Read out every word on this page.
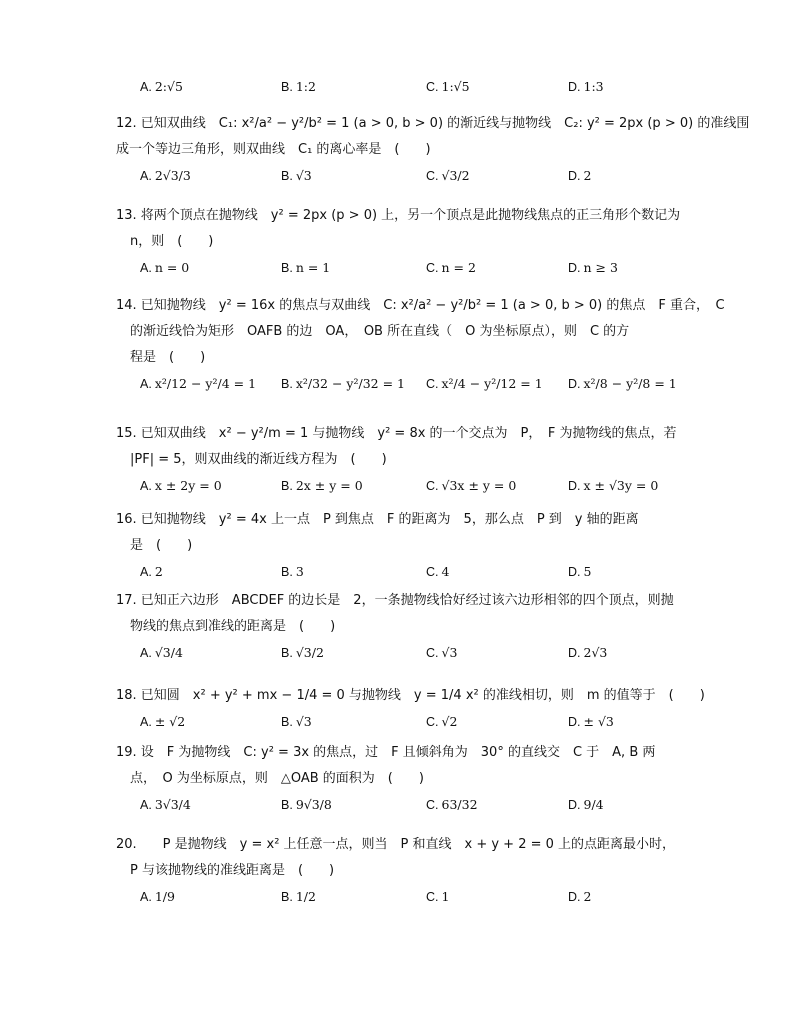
A. 2:√5	B. 1:2	C. 1:√5	D. 1:3
12. 已知双曲线　C₁: x²/a² − y²/b² = 1 (a > 0, b > 0) 的渐近线与抛物线　C₂: y² = 2px (p > 0) 的准线围
成一个等边三角形，则双曲线　C₁ 的离心率是　(　　)
A. 2√3/3	B. √3	C. √3/2	D. 2
13. 将两个顶点在抛物线　y² = 2px (p > 0) 上，另一个顶点是此抛物线焦点的正三角形个数记为
n，则　(　　)
A. n = 0	B. n = 1	C. n = 2	D. n ≥ 3
14. 已知抛物线　y² = 16x 的焦点与双曲线　C: x²/a² − y²/b² = 1 (a > 0, b > 0) 的焦点　F 重合，　C
的渐近线恰为矩形　OAFB 的边　OA，　OB 所在直线（　O 为坐标原点），则　C 的方
程是　(　　)
A. x²/12 − y²/4 = 1 B. x²/32 − y²/32 = 1 C. x²/4 − y²/12 = 1 D. x²/8 − y²/8 = 1
15. 已知双曲线　x² − y²/m = 1 与抛物线　y² = 8x 的一个交点为　P，　F 为抛物线的焦点，若
|PF| = 5，则双曲线的渐近线方程为　(　　)
A. x ± 2y = 0	B. 2x ± y = 0	C. √3x ± y = 0	D. x ± √3y = 0
16. 已知抛物线　y² = 4x 上一点　P 到焦点　F 的距离为　5，那么点　P 到　y 轴的距离
是　(　　)
A. 2	B. 3	C. 4	D. 5
17. 已知正六边形　ABCDEF 的边长是　2，一条抛物线恰好经过该六边形相邻的四个顶点，则抛
物线的焦点到准线的距离是　(　　)
A. √3/4	B. √3/2	C. √3	D. 2√3
18. 已知圆　x² + y² + mx − 1/4 = 0 与抛物线　y = 1/4 x² 的准线相切，则　m 的值等于　(　　)
A. ± √2	B. √3	C. √2	D. ± √3
19. 设　F 为抛物线　C: y² = 3x 的焦点，过　F 且倾斜角为　30° 的直线交　C 于　A, B 两
点，　O 为坐标原点，则　△OAB 的面积为　(　　)
A. 3√3/4	B. 9√3/8	C. 63/32	D. 9/4
20.　　P 是抛物线　y = x² 上任意一点，则当　P 和直线　x + y + 2 = 0 上的点距离最小时，
P 与该抛物线的准线距离是　(　　)
A. 1/9	B. 1/2	C. 1	D. 2
